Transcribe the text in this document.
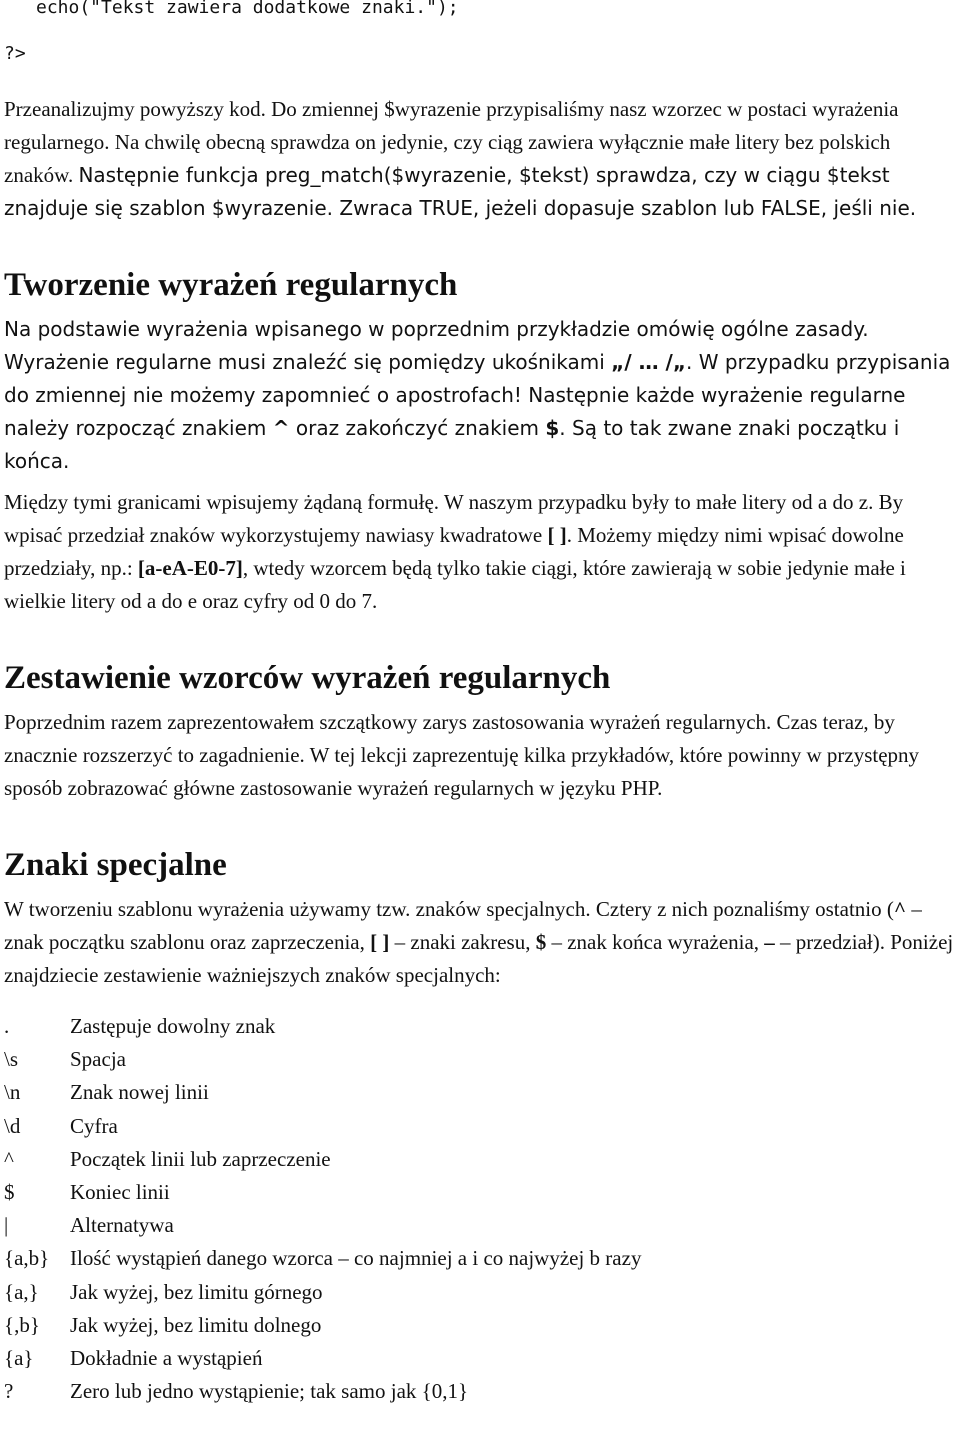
echo("Tekst zawiera dodatkowe znaki.");

?>

Przeanalizujmy powyższy kod. Do zmiennej $wyrazenie przypisaliśmy nasz wzorzec w postaci wyrażenia regularnego. Na chwilę obecną sprawdza on jedynie, czy ciąg zawiera wyłącznie małe litery bez polskich znaków. Następnie funkcja preg_match($wyrazenie, $tekst) sprawdza, czy w ciągu $tekst znajduje się szablon $wyrazenie. Zwraca TRUE, jeżeli dopasuje szablon lub FALSE, jeśli nie.

Tworzenie wyrażeń regularnych

Na podstawie wyrażenia wpisanego w poprzednim przykładzie omówię ogólne zasady. Wyrażenie regularne musi znaleźć się pomiędzy ukośnikami „/ … /„. W przypadku przypisania do zmiennej nie możemy zapomnieć o apostrofach! Następnie każde wyrażenie regularne należy rozpocząć znakiem ^ oraz zakończyć znakiem $. Są to tak zwane znaki początku i końca.

Między tymi granicami wpisujemy żądaną formułę. W naszym przypadku były to małe litery od a do z. By wpisać przedział znaków wykorzystujemy nawiasy kwadratowe [ ]. Możemy między nimi wpisać dowolne przedziały, np.: [a-eA-E0-7], wtedy wzorcem będą tylko takie ciągi, które zawierają w sobie jedynie małe i wielkie litery od a do e oraz cyfry od 0 do 7.

Zestawienie wzorców wyrażeń regularnych

Poprzednim razem zaprezentowałem szczątkowy zarys zastosowania wyrażeń regularnych. Czas teraz, by znacznie rozszerzyć to zagadnienie. W tej lekcji zaprezentuję kilka przykładów, które powinny w przystępny sposób zobrazować główne zastosowanie wyrażeń regularnych w języku PHP.

Znaki specjalne

W tworzeniu szablonu wyrażenia używamy tzw. znaków specjalnych. Cztery z nich poznaliśmy ostatnio (^ – znak początku szablonu oraz zaprzeczenia, [ ] – znaki zakresu, $ – znak końca wyrażenia, – – przedział). Poniżej znajdziecie zestawienie ważniejszych znaków specjalnych:

.	Zastępuje dowolny znak
\s	Spacja
\n	Znak nowej linii
\d	Cyfra
^	Początek linii lub zaprzeczenie
$	Koniec linii
|	Alternatywa
{a,b}	Ilość wystąpień danego wzorca – co najmniej a i co najwyżej b razy
{a,}	Jak wyżej, bez limitu górnego
{,b}	Jak wyżej, bez limitu dolnego
{a}	Dokładnie a wystąpień
?	Zero lub jedno wystąpienie; tak samo jak {0,1}
